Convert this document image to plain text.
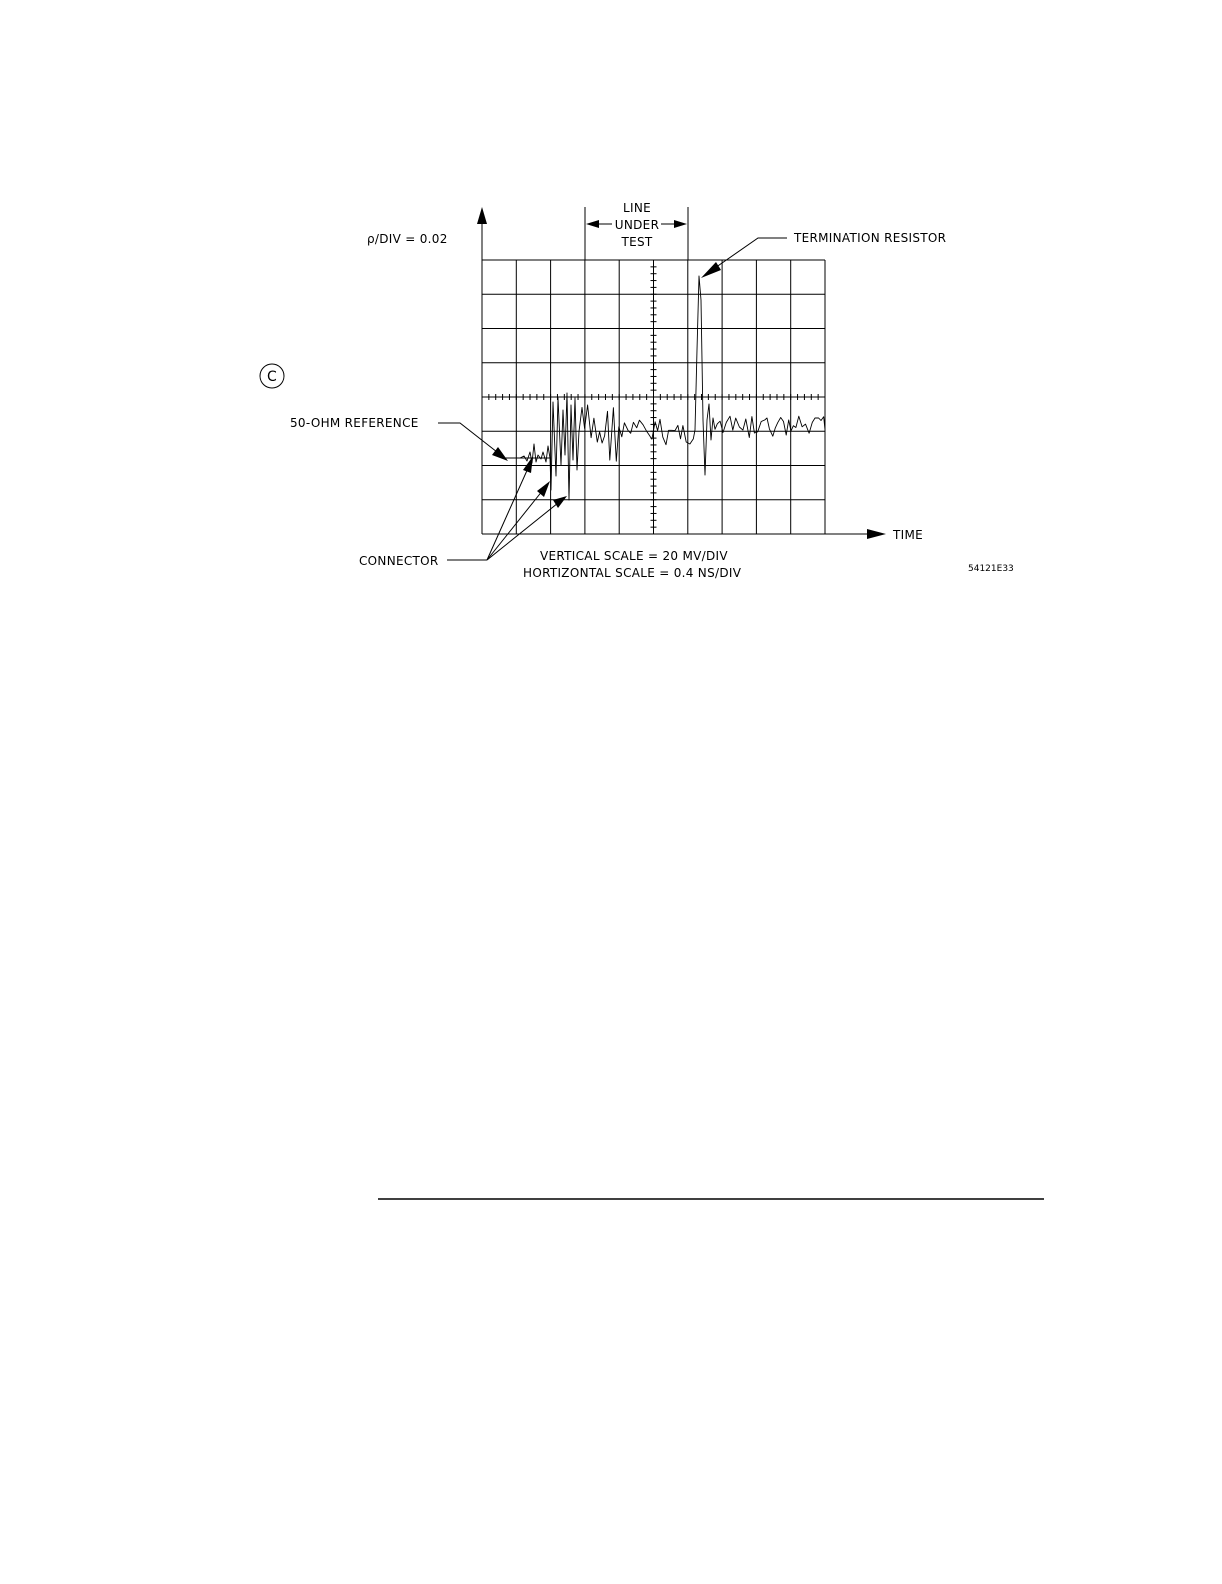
TIME
ρ/DIV = 0.02
LINE
UNDER
TEST	TERMINATION RESISTOR
C
50-OHM REFERENCE
CONNECTOR	VERTICAL SCALE = 20 MV/DIV
HORTIZONTAL SCALE = 0.4 NS/DIV	54121E33
